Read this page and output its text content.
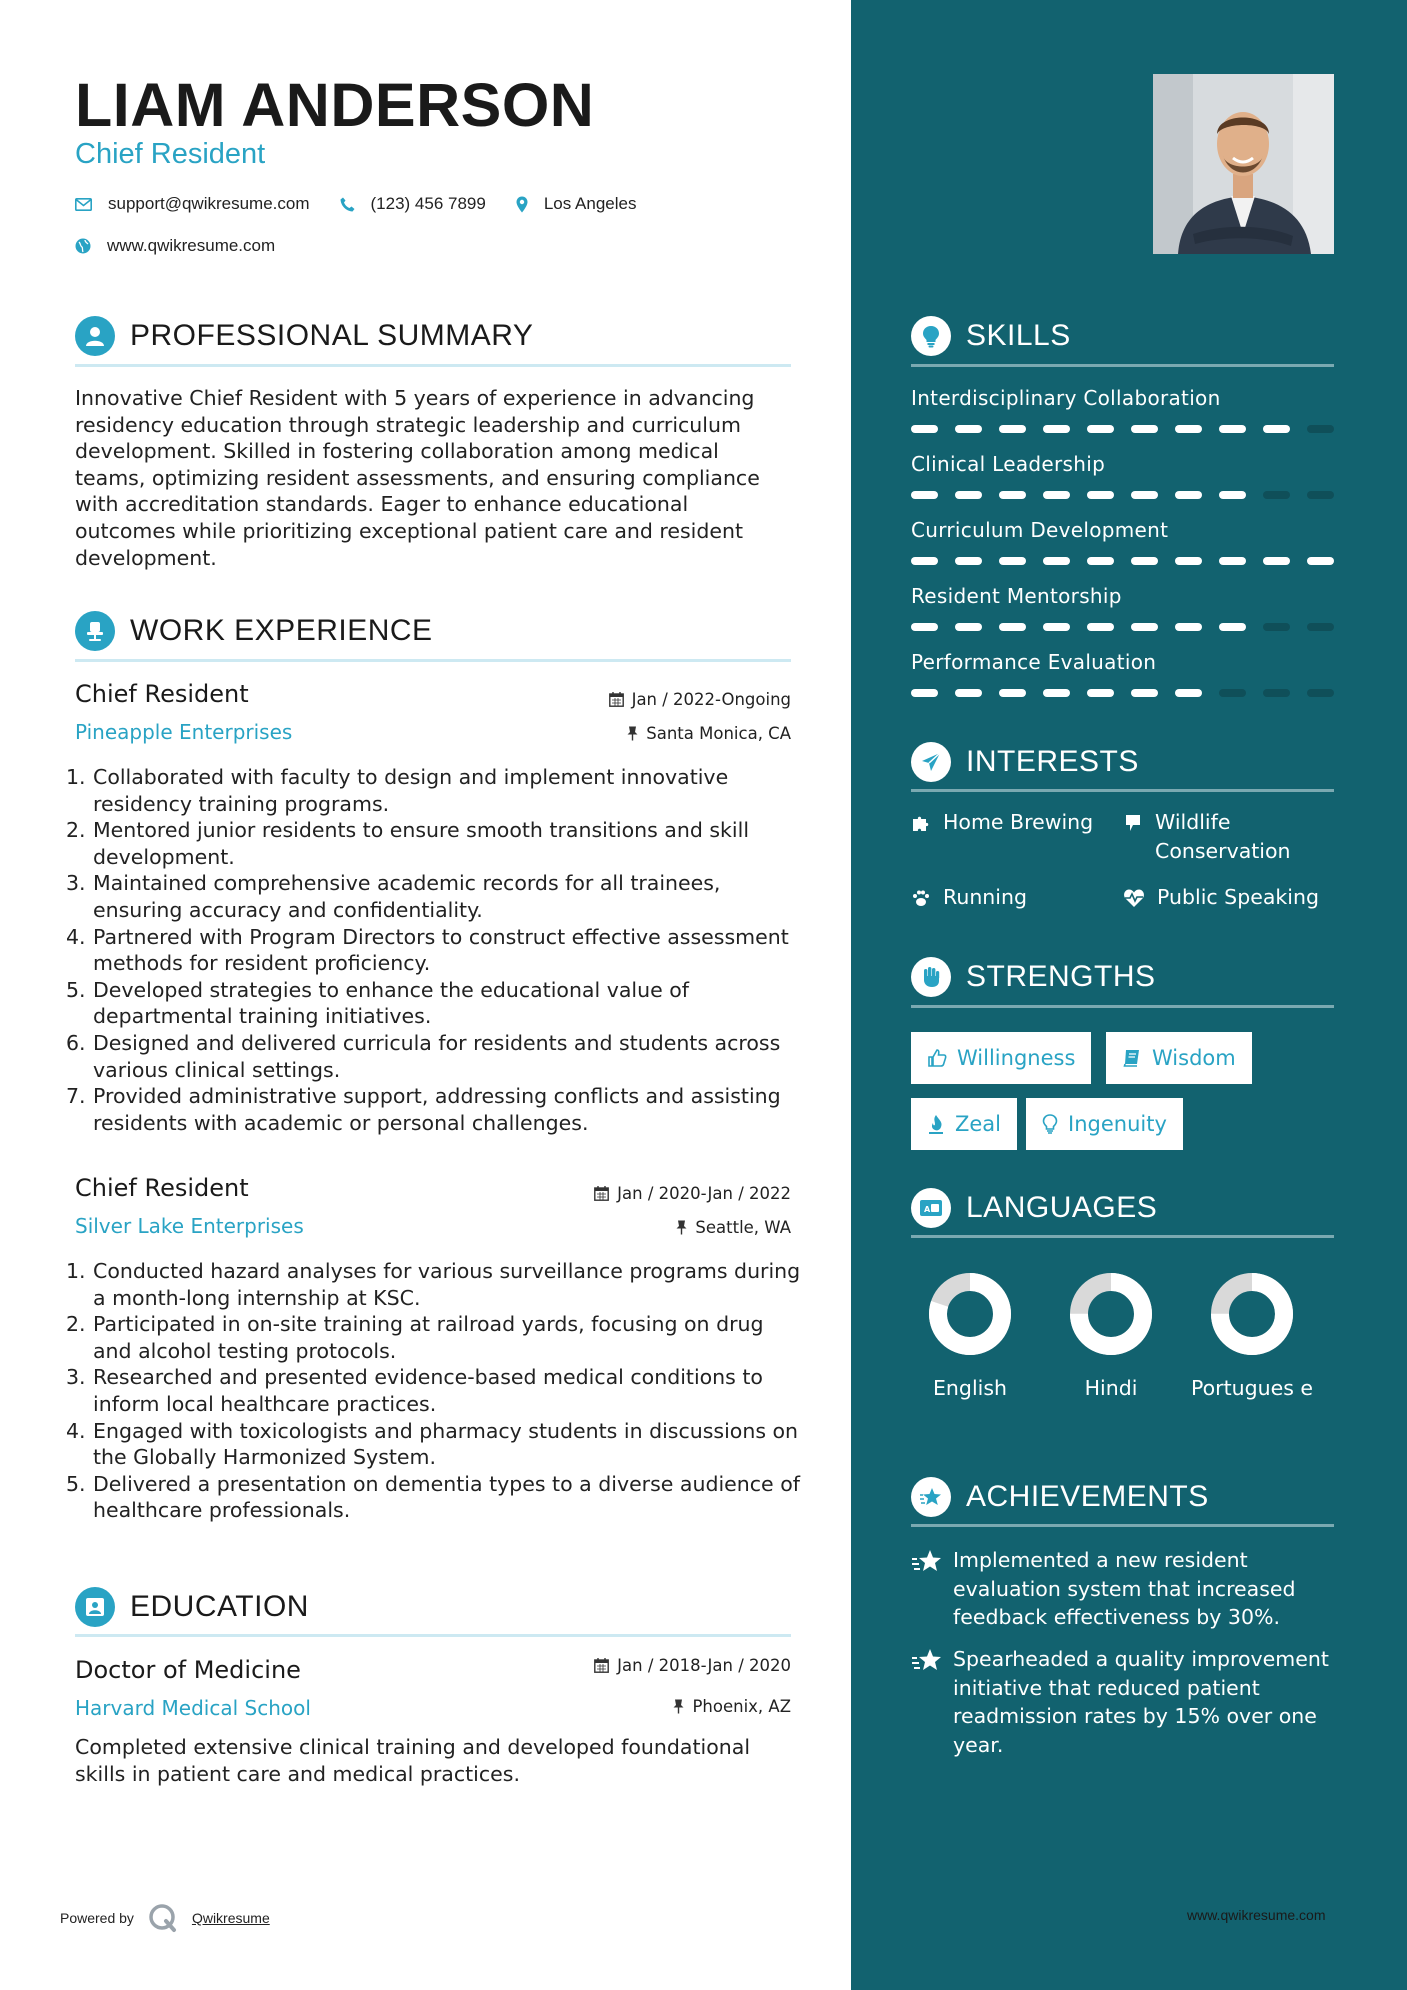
LIAM ANDERSON
Chief Resident
support@qwikresume.com	(123) 456 7899	Los Angeles
www.qwikresume.com
PROFESSIONAL SUMMARY
Innovative Chief Resident with 5 years of experience in advancing residency education through strategic leadership and curriculum development. Skilled in fostering collaboration among medical teams, optimizing resident assessments, and ensuring compliance with accreditation standards. Eager to enhance educational outcomes while prioritizing exceptional patient care and resident development.
WORK EXPERIENCE
Chief Resident
Pineapple Enterprises
Jan / 2022-Ongoing
Santa Monica, CA
1. Collaborated with faculty to design and implement innovative residency training programs.
2. Mentored junior residents to ensure smooth transitions and skill development.
3. Maintained comprehensive academic records for all trainees, ensuring accuracy and confidentiality.
4. Partnered with Program Directors to construct effective assessment methods for resident proficiency.
5. Developed strategies to enhance the educational value of departmental training initiatives.
6. Designed and delivered curricula for residents and students across various clinical settings.
7. Provided administrative support, addressing conflicts and assisting residents with academic or personal challenges.
Chief Resident
Silver Lake Enterprises
Jan / 2020-Jan / 2022
Seattle, WA
1. Conducted hazard analyses for various surveillance programs during a month-long internship at KSC.
2. Participated in on-site training at railroad yards, focusing on drug and alcohol testing protocols.
3. Researched and presented evidence-based medical conditions to inform local healthcare practices.
4. Engaged with toxicologists and pharmacy students in discussions on the Globally Harmonized System.
5. Delivered a presentation on dementia types to a diverse audience of healthcare professionals.
EDUCATION
Doctor of Medicine
Harvard Medical School
Jan / 2018-Jan / 2020
Phoenix, AZ
Completed extensive clinical training and developed foundational skills in patient care and medical practices.
Powered by	Qwikresume	www.qwikresume.com
SKILLS
Interdisciplinary Collaboration
Clinical Leadership
Curriculum Development
Resident Mentorship
Performance Evaluation
INTERESTS
Home Brewing	Wildlife Conservation
Running	Public Speaking
STRENGTHS
Willingness	Wisdom
Zeal	Ingenuity
A LANGUAGES
English	Hindi	Portugues e
ACHIEVEMENTS
Implemented a new resident evaluation system that increased feedback effectiveness by 30%.
Spearheaded a quality improvement initiative that reduced patient readmission rates by 15% over one year.
